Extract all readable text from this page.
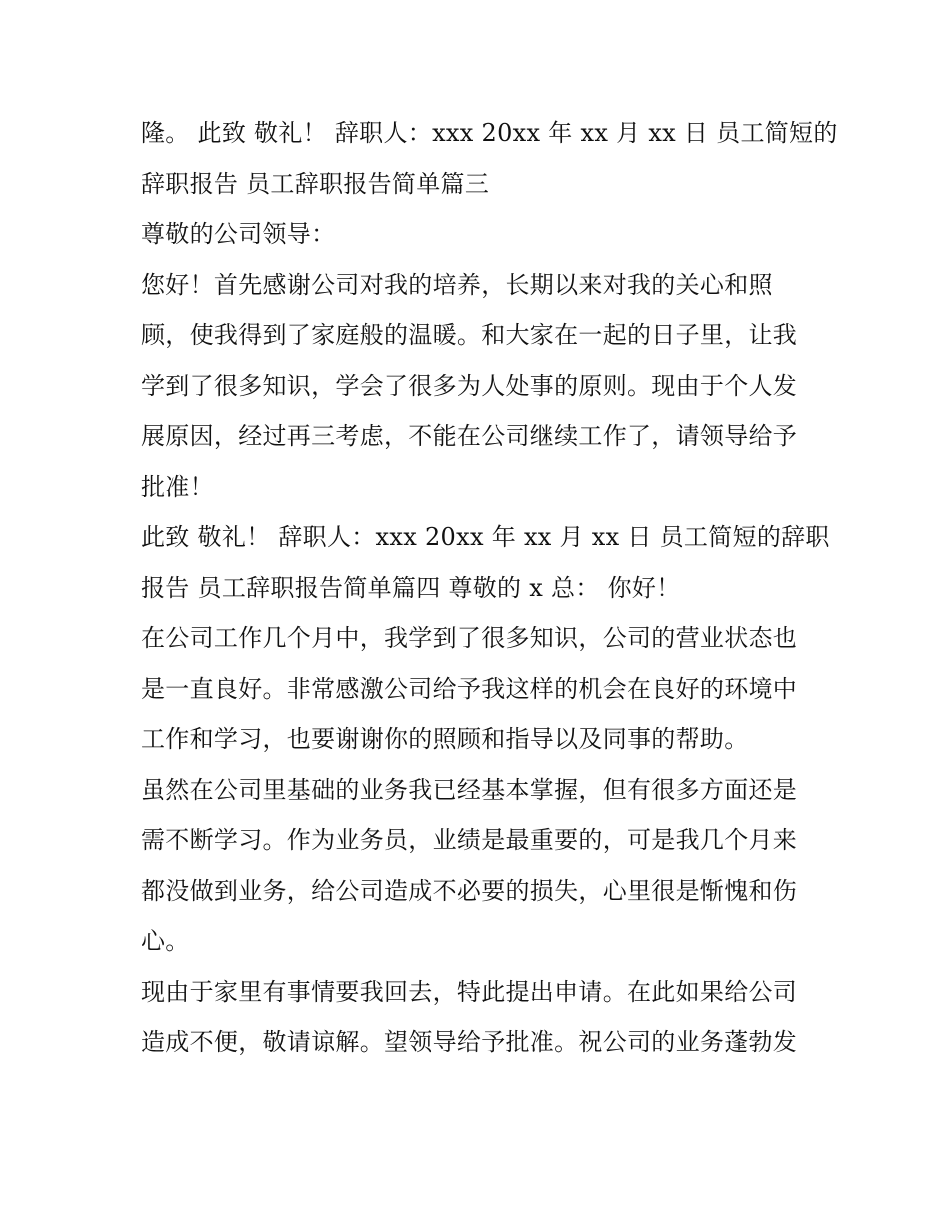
隆。 此致 敬礼！ 辞职人：xxx 20xx 年 xx 月 xx 日 员工简短的
辞职报告 员工辞职报告简单篇三
尊敬的公司领导：
您好！首先感谢公司对我的培养，长期以来对我的关心和照
顾，使我得到了家庭般的温暖。和大家在一起的日子里，让我
学到了很多知识，学会了很多为人处事的原则。现由于个人发
展原因，经过再三考虑，不能在公司继续工作了，请领导给予
批准！
此致 敬礼！ 辞职人：xxx 20xx 年 xx 月 xx 日 员工简短的辞职
报告 员工辞职报告简单篇四 尊敬的 x 总： 你好！
在公司工作几个月中，我学到了很多知识，公司的营业状态也
是一直良好。非常感激公司给予我这样的机会在良好的环境中
工作和学习，也要谢谢你的照顾和指导以及同事的帮助。
虽然在公司里基础的业务我已经基本掌握，但有很多方面还是
需不断学习。作为业务员，业绩是最重要的，可是我几个月来
都没做到业务，给公司造成不必要的损失，心里很是惭愧和伤
心。
现由于家里有事情要我回去，特此提出申请。在此如果给公司
造成不便，敬请谅解。望领导给予批准。祝公司的业务蓬勃发
